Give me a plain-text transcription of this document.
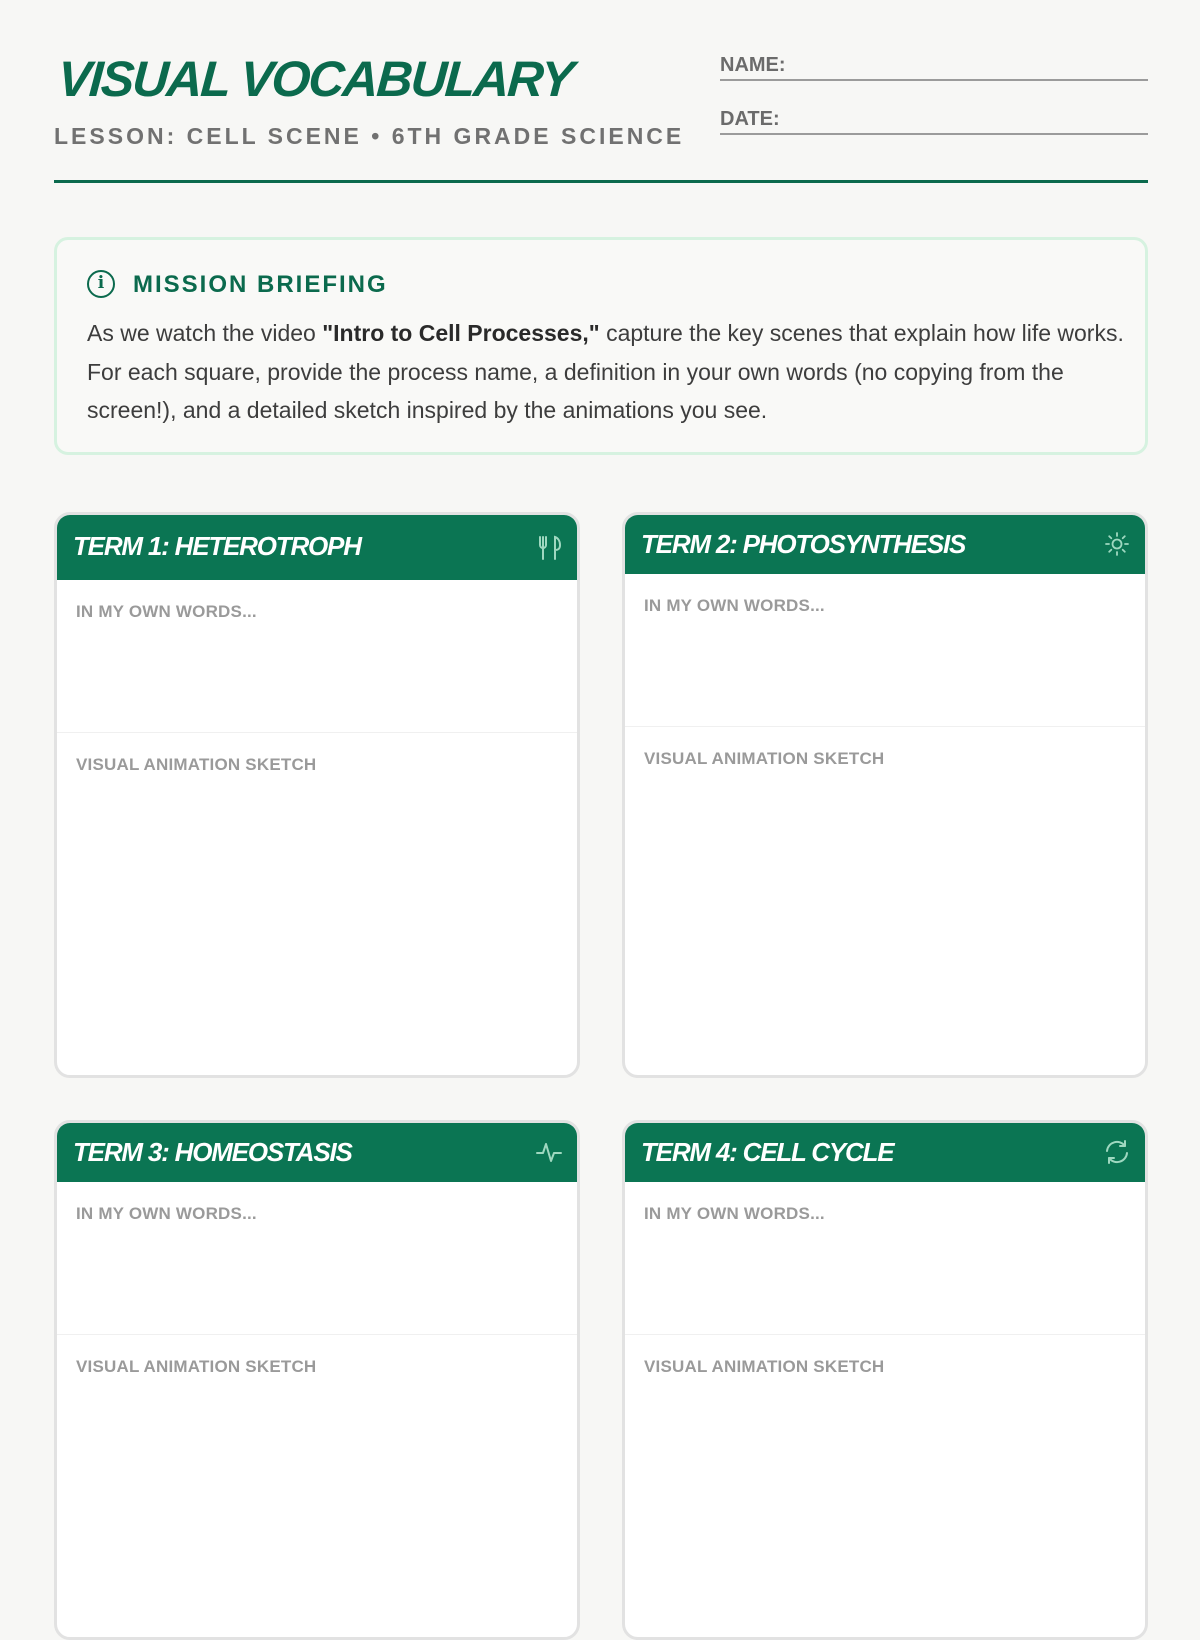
VISUAL VOCABULARY
LESSON: CELL SCENE • 6TH GRADE SCIENCE
NAME:
DATE:
i	MISSION BRIEFING
As we watch the video "Intro to Cell Processes," capture the key scenes that explain how life works. For each square, provide the process name, a definition in your own words (no copying from the screen!), and a detailed sketch inspired by the animations you see.
TERM 1: HETEROTROPH
IN MY OWN WORDS...
VISUAL ANIMATION SKETCH
TERM 2: PHOTOSYNTHESIS
IN MY OWN WORDS...
VISUAL ANIMATION SKETCH
TERM 3: HOMEOSTASIS
IN MY OWN WORDS...
VISUAL ANIMATION SKETCH
TERM 4: CELL CYCLE
IN MY OWN WORDS...
VISUAL ANIMATION SKETCH
